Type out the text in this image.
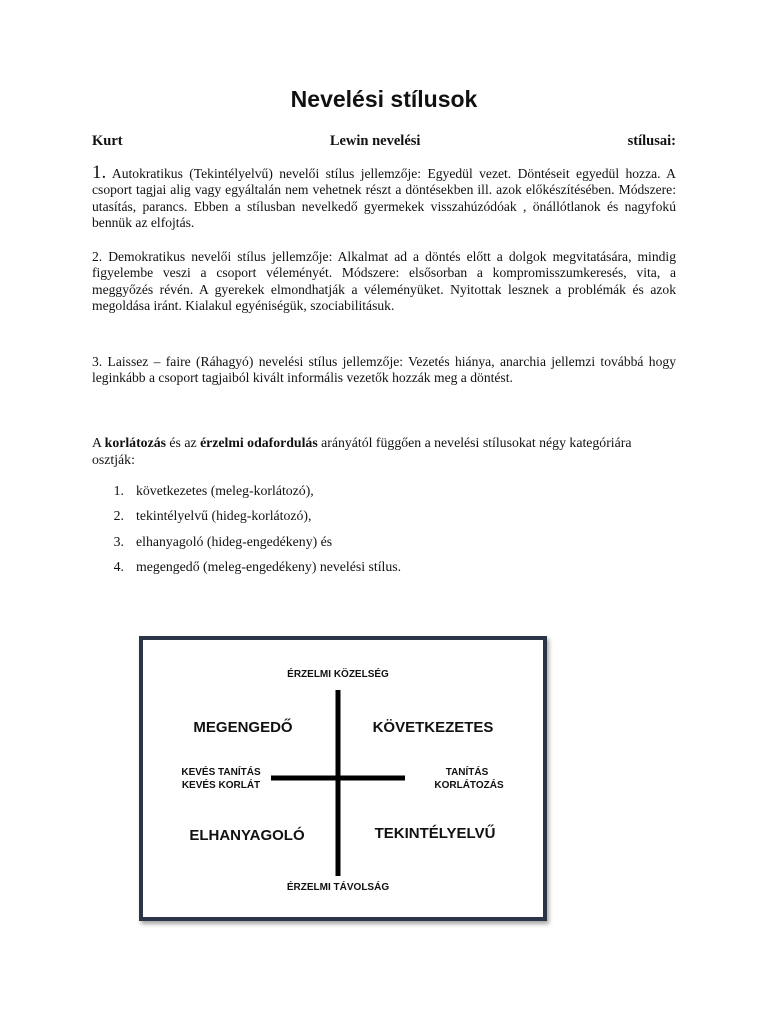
Nevelési stílusok

Kurt	Lewin nevelési	stílusai:

1. Autokratikus (Tekintélyelvű) nevelői stílus jellemzője: Egyedül vezet. Döntéseit egyedül hozza. A csoport tagjai alig vagy egyáltalán nem vehetnek részt a döntésekben ill. azok előkészítésében. Módszere: utasítás, parancs. Ebben a stílusban nevelkedő gyermekek visszahúzódóak , önállótlanok és nagyfokú bennük az elfojtás.

2. Demokratikus nevelői stílus jellemzője: Alkalmat ad a döntés előtt a dolgok megvitatására, mindig figyelembe veszi a csoport véleményét. Módszere: elsősorban a kompromisszumkeresés, vita, a meggyőzés révén. A gyerekek elmondhatják a véleményüket. Nyitottak lesznek a problémák és azok megoldása iránt. Kialakul egyéniségük, szociabilitásuk.

3. Laissez – faire (Ráhagyó) nevelési stílus jellemzője: Vezetés hiánya, anarchia jellemzi továbbá hogy leginkább a csoport tagjaiból kivált informális vezetők hozzák meg a döntést.

A korlátozás és az érzelmi odafordulás arányától függően a nevelési stílusokat négy kategóriára osztják:

1. következetes (meleg-korlátozó),
2. tekintélyelvű (hideg-korlátozó),
3. elhanyagoló (hideg-engedékeny) és
4. megengedő (meleg-engedékeny) nevelési stílus.
ÉRZELMI KÖZELSÉG
ÉRZELMI TÁVOLSÁG
KEVÉS TANÍTÁS
KEVÉS KORLÁT
TANÍTÁS
KORLÁTOZÁS
MEGENGEDŐ	KÖVETKEZETES
ELHANYAGOLÓ	TEKINTÉLYELVŰ
